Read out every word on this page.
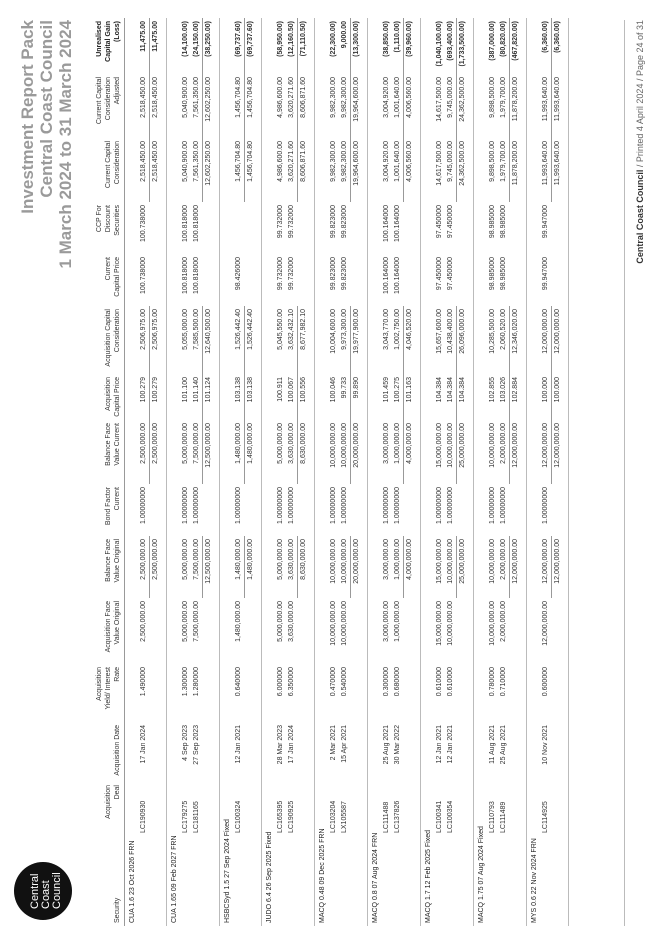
Central Coast Council
Investment Report Pack Central Coast Council 1 March 2024 to 31 March 2024
Security	Acquisition Deal	Acquisition Date	Acquisition Yield/ Interest Rate	Acquisition Face Value Original	Balance Face Value Original	Bond Factor Current	Balance Face Value Current	Acquisition Capital Price	Acquisition Capital Consideration	Current Capital Price	CCP For Discount Securities	Current Capital Consideration	Current Capital Consideration Adjusted	Unrealised Capital Gain (Loss)
CUA 1.6 23 Oct 2026 FRN														
	LC190930	17 Jan 2024	1.490000	2,500,000.00	2,500,000.00	1.00000000	2,500,000.00	100.279	2,506,975.00	100.738000	100.738000	2,518,450.00	2,518,450.00	11,475.00
					2,500,000.00		2,500,000.00	100.279	2,506,975.00			2,518,450.00	2,518,450.00	11,475.00

CUA 1.65 09 Feb 2027 FRN														
	LC179275	4 Sep 2023	1.300000	5,000,000.00	5,000,000.00	1.00000000	5,000,000.00	101.100	5,055,000.00	100.818000	100.818000	5,040,900.00	5,040,900.00	(14,100.00)
	LC181165	27 Sep 2023	1.280000	7,500,000.00	7,500,000.00	1.00000000	7,500,000.00	101.140	7,585,500.00	100.818000	100.818000	7,561,350.00	7,561,350.00	(24,150.00)
					12,500,000.00		12,500,000.00	101.124	12,640,500.00			12,602,250.00	12,602,250.00	(38,250.00)

HSBCSyd 1.5 27 Sep 2024 Fixed														
	LC100324	12 Jan 2021	0.640000	1,480,000.00	1,480,000.00	1.00000000	1,480,000.00	103.138	1,526,442.40	98.426000		1,456,704.80	1,456,704.80	(69,737.60)
					1,480,000.00		1,480,000.00	103.138	1,526,442.40			1,456,704.80	1,456,704.80	(69,737.60)

JUDO 6.4 26 Sep 2025 Fixed														
	LC165395	28 Mar 2023	6.000000	5,000,000.00	5,000,000.00	1.00000000	5,000,000.00	100.911	5,045,550.00	99.732000	99.732000	4,986,600.00	4,986,600.00	(58,950.00)
	LC190925	17 Jan 2024	6.350000	3,630,000.00	3,630,000.00	1.00000000	3,630,000.00	100.067	3,632,432.10	99.732000	99.732000	3,620,271.60	3,620,271.60	(12,160.50)
					8,630,000.00		8,630,000.00	100.556	8,677,982.10			8,606,871.60	8,606,871.60	(71,110.50)

MACQ 0.48 09 Dec 2025 FRN														
	LC103204	2 Mar 2021	0.470000	10,000,000.00	10,000,000.00	1.00000000	10,000,000.00	100.046	10,004,600.00	99.823000	99.823000	9,982,300.00	9,982,300.00	(22,300.00)
	LX105587	15 Apr 2021	0.540000	10,000,000.00	10,000,000.00	1.00000000	10,000,000.00	99.733	9,973,300.00	99.823000	99.823000	9,982,300.00	9,982,300.00	9,000.00
					20,000,000.00		20,000,000.00	99.890	19,977,900.00			19,964,600.00	19,964,600.00	(13,300.00)

MACQ 0.8 07 Aug 2024 FRN														
	LC111488	25 Aug 2021	0.300000	3,000,000.00	3,000,000.00	1.00000000	3,000,000.00	101.459	3,043,770.00	100.164000	100.164000	3,004,920.00	3,004,920.00	(38,850.00)
	LC137826	30 Mar 2022	0.680000	1,000,000.00	1,000,000.00	1.00000000	1,000,000.00	100.275	1,002,750.00	100.164000	100.164000	1,001,640.00	1,001,640.00	(1,110.00)
					4,000,000.00		4,000,000.00	101.163	4,046,520.00			4,006,560.00	4,006,560.00	(39,960.00)

MACQ 1.7 12 Feb 2025 Fixed														
	LC100341	12 Jan 2021	0.610000	15,000,000.00	15,000,000.00	1.00000000	15,000,000.00	104.384	15,657,600.00	97.450000	97.450000	14,617,500.00	14,617,500.00	(1,040,100.00)
	LC100354	12 Jan 2021	0.610000	10,000,000.00	10,000,000.00	1.00000000	10,000,000.00	104.384	10,438,400.00	97.450000	97.450000	9,745,000.00	9,745,000.00	(693,400.00)
					25,000,000.00		25,000,000.00	104.384	26,096,000.00			24,362,500.00	24,362,500.00	(1,733,500.00)

MACQ 1.75 07 Aug 2024 Fixed														
	LC110793	11 Aug 2021	0.780000	10,000,000.00	10,000,000.00	1.00000000	10,000,000.00	102.855	10,285,500.00	98.985000	98.985000	9,898,500.00	9,898,500.00	(387,000.00)
	LC111489	25 Aug 2021	0.710000	2,000,000.00	2,000,000.00	1.00000000	2,000,000.00	103.026	2,060,520.00	98.985000	98.985000	1,979,700.00	1,979,700.00	(80,820.00)
					12,000,000.00		12,000,000.00	102.884	12,346,020.00			11,878,200.00	11,878,200.00	(467,820.00)

MYS 0.6 22 Nov 2024 FRN														
	LC114925	10 Nov 2021	0.600000	12,000,000.00	12,000,000.00	1.00000000	12,000,000.00	100.000	12,000,000.00	99.947000	99.947000	11,993,640.00	11,993,640.00	(6,360.00)
					12,000,000.00		12,000,000.00	100.000	12,000,000.00			11,993,640.00	11,993,640.00	(6,360.00)

Central Coast Council / Printed 4 April 2024 / Page 24 of 31
